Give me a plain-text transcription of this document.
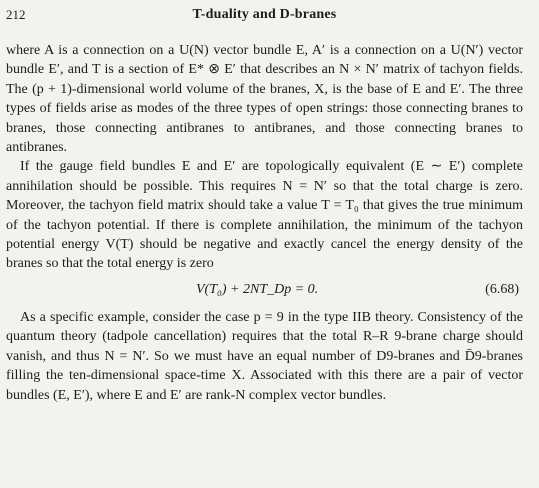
212	T-duality and D-branes

where A is a connection on a U(N) vector bundle E, A′ is a connection on a U(N′) vector bundle E′, and T is a section of E* ⊗ E′ that describes an N × N′ matrix of tachyon fields. The (p + 1)-dimensional world volume of the branes, X, is the base of E and E′. The three types of fields arise as modes of the three types of open strings: those connecting branes to branes, those connecting antibranes to antibranes, and those connecting branes to antibranes.

If the gauge field bundles E and E′ are topologically equivalent (E ∼ E′) complete annihilation should be possible. This requires N = N′ so that the total charge is zero. Moreover, the tachyon field matrix should take a value T = T₀ that gives the true minimum of the tachyon potential. If there is complete annihilation, the minimum of the tachyon potential energy V(T) should be negative and exactly cancel the energy density of the branes so that the total energy is zero

V(T₀) + 2NT_Dp = 0.	(6.68)

As a specific example, consider the case p = 9 in the type IIB theory. Consistency of the quantum theory (tadpole cancellation) requires that the total R–R 9-brane charge should vanish, and thus N = N′. So we must have an equal number of D9-branes and D̄9-branes filling the ten-dimensional space-time X. Associated with this there are a pair of vector bundles (E, E′), where E and E′ are rank-N complex vector bundles.
